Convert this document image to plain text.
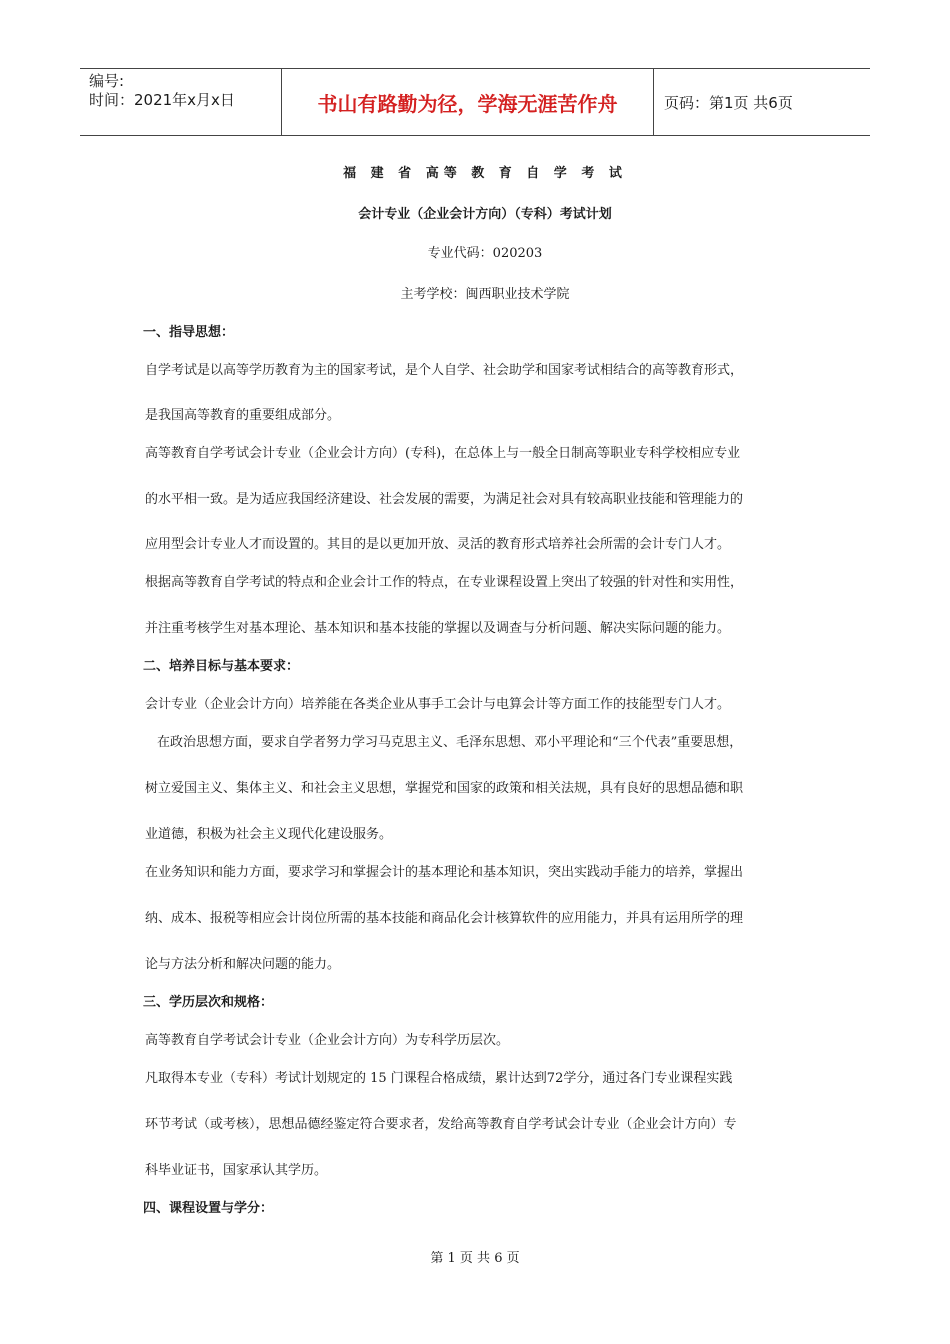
编号:
时间：2021年x月x日	书山有路勤为径，学海无涯苦作舟	页码：第1页 共6页
福 建 省 高等 教 育 自 学 考 试
会计专业（企业会计方向）（专科）考试计划
专业代码：020203
主考学校：闽西职业技术学院
一、指导思想：

自学考试是以高等学历教育为主的国家考试，是个人自学、社会助学和国家考试相结合的高等教育形式，

是我国高等教育的重要组成部分。

高等教育自学考试会计专业（企业会计方向）(专科)，在总体上与一般全日制高等职业专科学校相应专业

的水平相一致。是为适应我国经济建设、社会发展的需要，为满足社会对具有较高职业技能和管理能力的

应用型会计专业人才而设置的。其目的是以更加开放、灵活的教育形式培养社会所需的会计专门人才。

根据高等教育自学考试的特点和企业会计工作的特点，在专业课程设置上突出了较强的针对性和实用性，

并注重考核学生对基本理论、基本知识和基本技能的掌握以及调查与分析问题、解决实际问题的能力。

二、培养目标与基本要求：

会计专业（企业会计方向）培养能在各类企业从事手工会计与电算会计等方面工作的技能型专门人才。

在政治思想方面，要求自学者努力学习马克思主义、毛泽东思想、邓小平理论和“三个代表”重要思想，

树立爱国主义、集体主义、和社会主义思想，掌握党和国家的政策和相关法规，具有良好的思想品德和职

业道德，积极为社会主义现代化建设服务。

在业务知识和能力方面，要求学习和掌握会计的基本理论和基本知识，突出实践动手能力的培养，掌握出

纳、成本、报税等相应会计岗位所需的基本技能和商品化会计核算软件的应用能力，并具有运用所学的理

论与方法分析和解决问题的能力。

三、学历层次和规格：

高等教育自学考试会计专业（企业会计方向）为专科学历层次。

凡取得本专业（专科）考试计划规定的 15 门课程合格成绩，累计达到72学分，通过各门专业课程实践

环节考试（或考核），思想品德经鉴定符合要求者，发给高等教育自学考试会计专业（企业会计方向）专

科毕业证书，国家承认其学历。

四、课程设置与学分：
第 1 页 共 6 页
